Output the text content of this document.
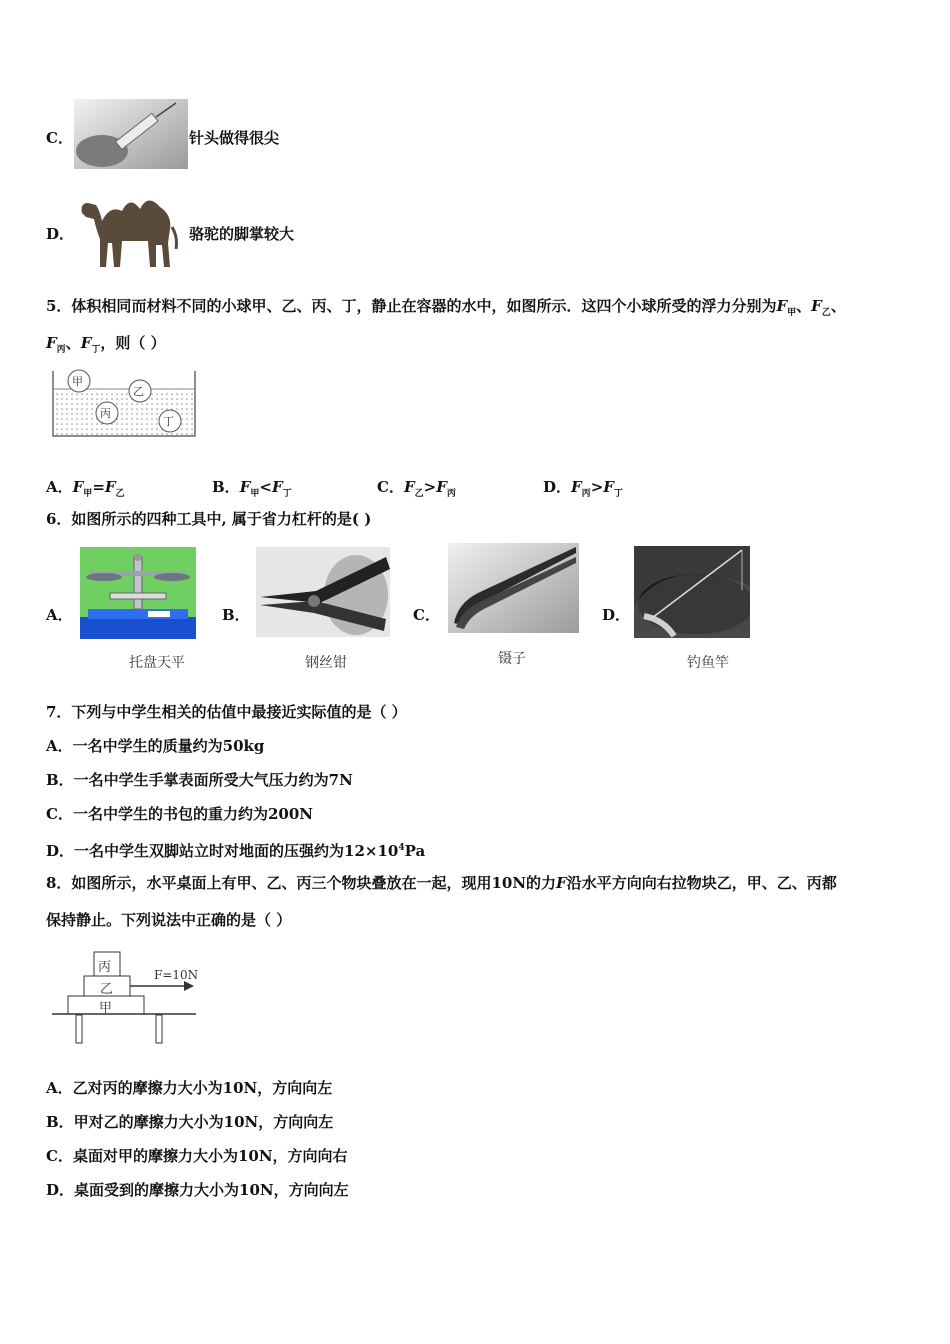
C．	针头做得很尖
D．	骆驼的脚掌较大
5．体积相同而材料不同的小球甲、乙、丙、丁，静止在容器的水中，如图所示．这四个小球所受的浮力分别为$F_甲$、$F_乙$、
$F_丙$、$F_丁$，则（ ）
甲
乙
丙
丁
A．$F_甲=F_乙$	B．$F_甲<F_丁$	C．$F_乙>F_丙$	D．$F_丙>F_丁$
6．如图所示的四种工具中, 属于省力杠杆的是( )
A．
托盘天平
B．
钢丝钳
C．
镊子
D．
钓鱼竿
7．下列与中学生相关的估值中最接近实际值的是（ ）
A．一名中学生的质量约为50kg
B．一名中学生手掌表面所受大气压力约为7N
C．一名中学生的书包的重力约为200N
D．一名中学生双脚站立时对地面的压强约为$12\times 10^4Pa$
8．如图所示，水平桌面上有甲、乙、丙三个物块叠放在一起，现用10N的力F沿水平方向向右拉物块乙，甲、乙、丙都
保持静止。下列说法中正确的是（ ）
丙
乙
甲
F=10N
A．乙对丙的摩擦力大小为10N，方向向左
B．甲对乙的摩擦力大小为10N，方向向左
C．桌面对甲的摩擦力大小为10N，方向向右
D．桌面受到的摩擦力大小为10N，方向向左
